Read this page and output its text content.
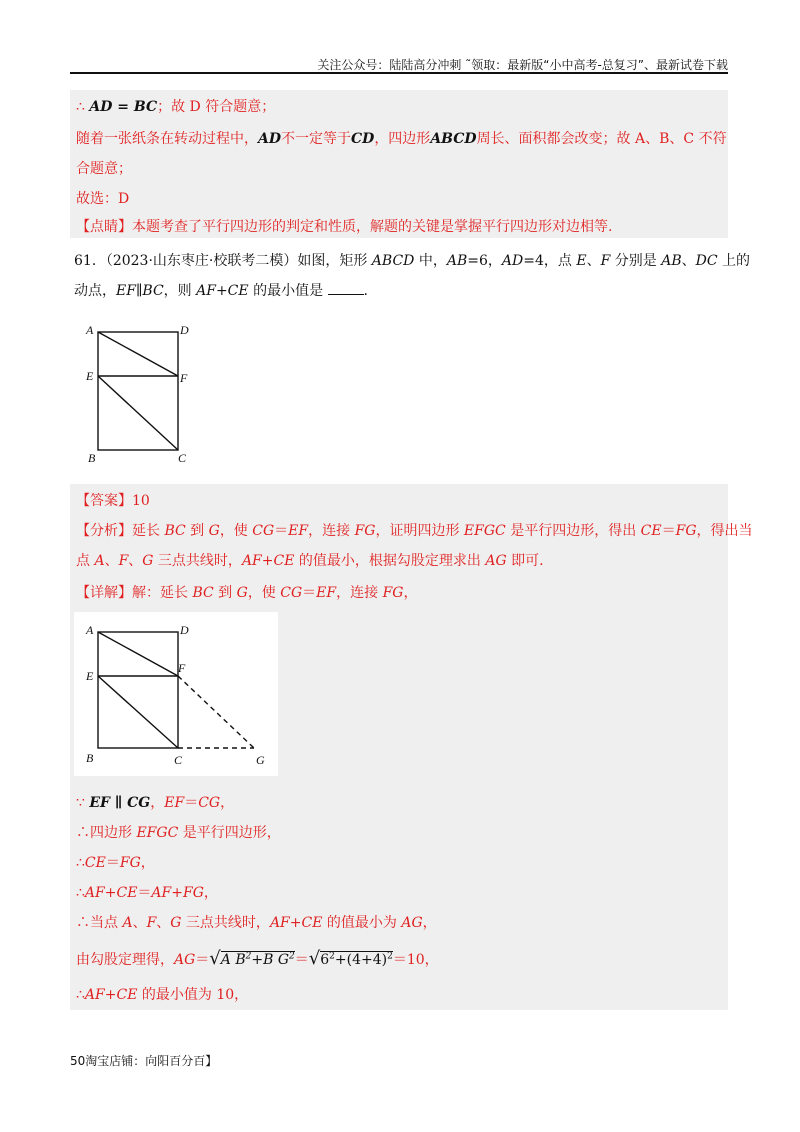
关注公众号：陆陆高分冲刺 ˜领取：最新版“小中高考-总复习”、最新试卷下载
∴ AD = BC；故 D 符合题意；
随着一张纸条在转动过程中，AD不一定等于CD，四边形ABCD周长、面积都会改变；故 A、B、C 不符
合题意；
故选：D
【点睛】本题考查了平行四边形的判定和性质，解题的关键是掌握平行四边形对边相等.
61．（2023·山东枣庄·校联考二模）如图，矩形 ABCD 中，AB=6，AD=4，点 E、F 分别是 AB、DC 上的
动点，EF∥BC，则 AF+CE 的最小值是	.
A	D
E	F
B	C
【答案】10
【分析】延长 BC 到 G，使 CG＝EF，连接 FG，证明四边形 EFGC 是平行四边形，得出 CE＝FG，得出当
点 A、F、G 三点共线时，AF+CE 的值最小，根据勾股定理求出 AG 即可.
【详解】解：延长 BC 到 G，使 CG＝EF，连接 FG，
A	D
E
F
B	C	G
∵ EF ∥ CG，EF＝CG，
∴四边形 EFGC 是平行四边形，
∴CE＝FG，
∴AF+CE＝AF+FG，
∴当点 A、F、G 三点共线时，AF+CE 的值最小为 AG，
由勾股定理得，AG＝√A $B^2+B$ $G^2=√6^2+(4+4)^2=10$，
∴AF+CE 的最小值为 10，
50淘宝店铺：向阳百分百】
